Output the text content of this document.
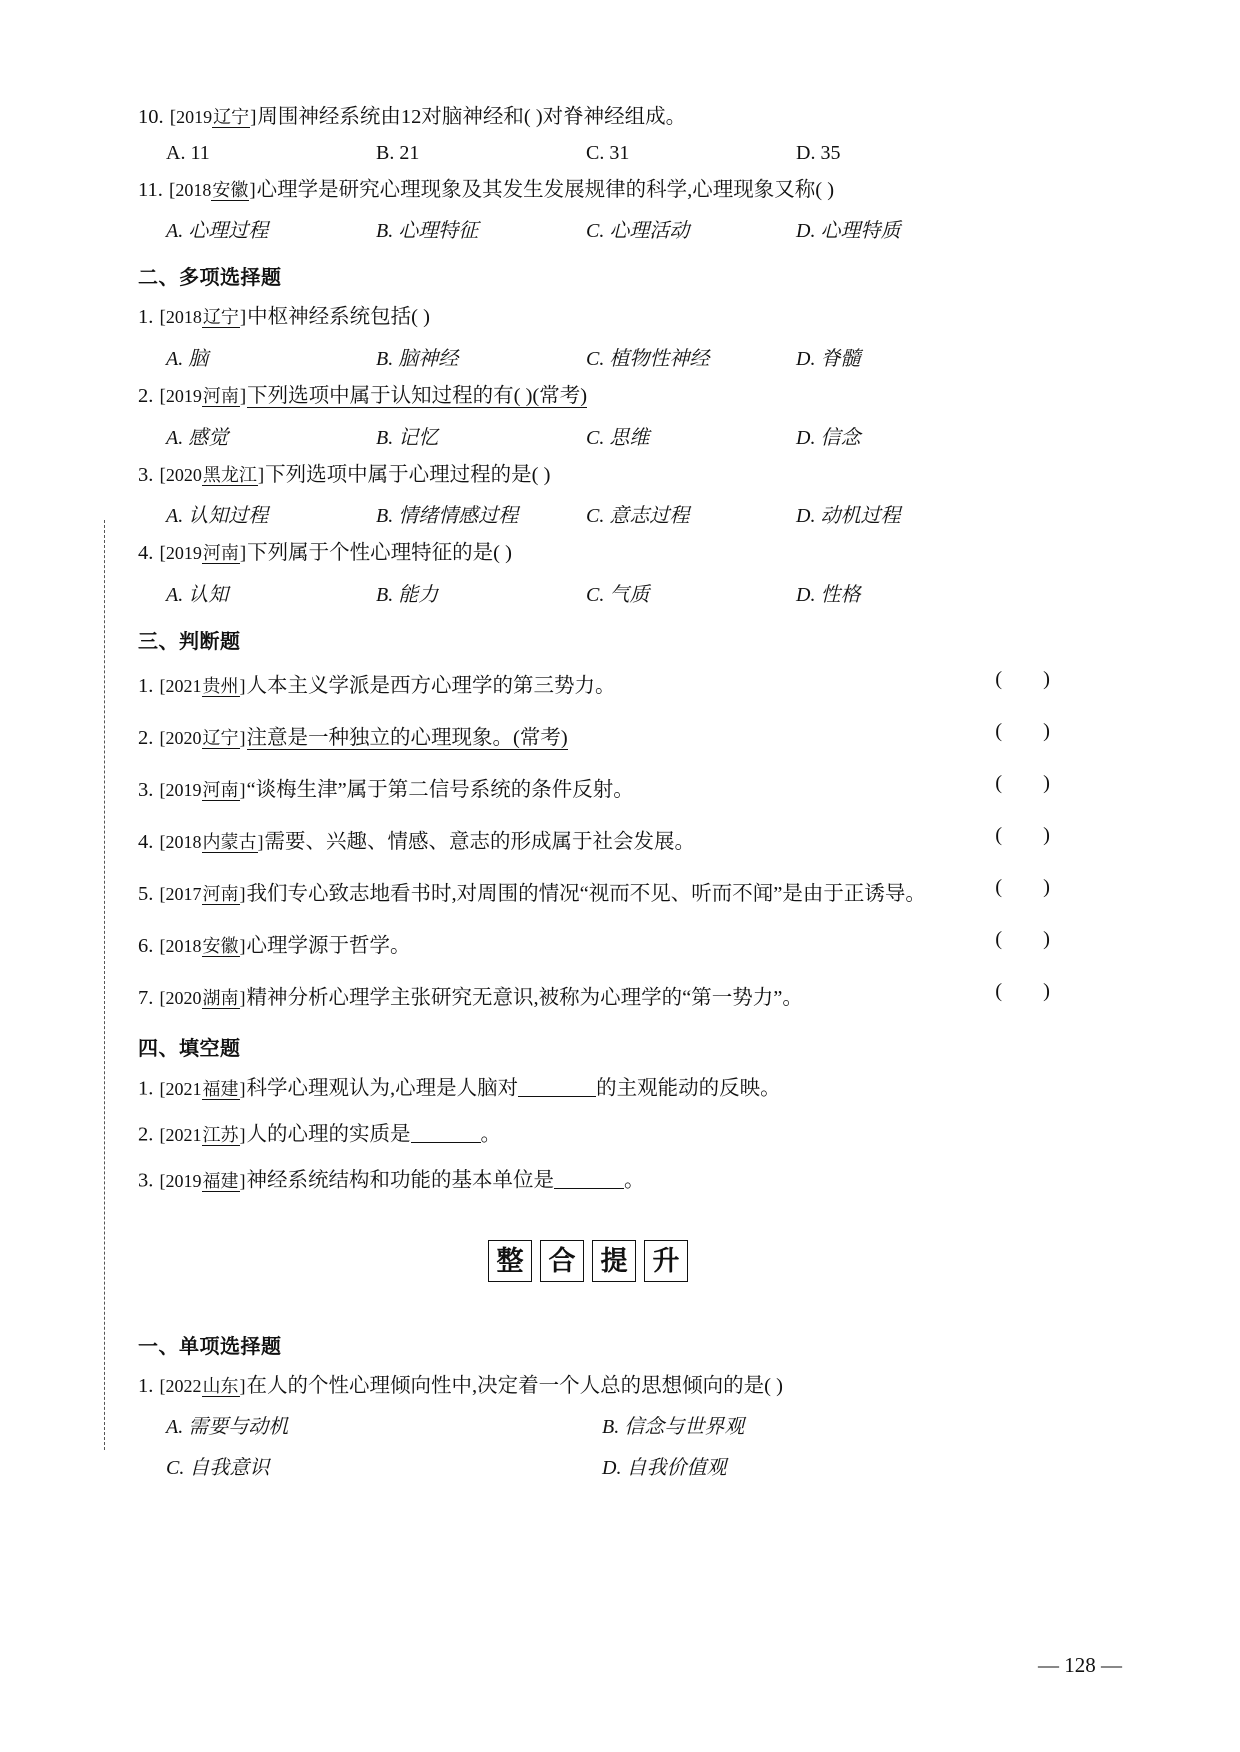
10. [2019辽宁]周围神经系统由12对脑神经和( )对脊神经组成。
A. 11	B. 21	C. 31	D. 35
11. [2018安徽]心理学是研究心理现象及其发生发展规律的科学,心理现象又称( )
A. 心理过程	B. 心理特征	C. 心理活动	D. 心理特质
二、多项选择题
1. [2018辽宁]中枢神经系统包括( )
A. 脑	B. 脑神经	C. 植物性神经	D. 脊髓
2. [2019河南]下列选项中属于认知过程的有( )(常考)
A. 感觉	B. 记忆	C. 思维	D. 信念
3. [2020黑龙江]下列选项中属于心理过程的是( )
A. 认知过程	B. 情绪情感过程	C. 意志过程	D. 动机过程
4. [2019河南]下列属于个性心理特征的是( )
A. 认知	B. 能力	C. 气质	D. 性格
三、判断题
1. [2021贵州]人本主义学派是西方心理学的第三势力。	( )
2. [2020辽宁]注意是一种独立的心理现象。(常考)	( )
3. [2019河南]“谈梅生津”属于第二信号系统的条件反射。	( )
4. [2018内蒙古]需要、兴趣、情感、意志的形成属于社会发展。	( )
5. [2017河南]我们专心致志地看书时,对周围的情况“视而不见、听而不闻”是由于正诱导。	( )
6. [2018安徽]心理学源于哲学。	( )
7. [2020湖南]精神分析心理学主张研究无意识,被称为心理学的“第一势力”。	( )
四、填空题
1. [2021福建]科学心理观认为,心理是人脑对	的主观能动的反映。
2. [2021江苏]人的心理的实质是	。
3. [2019福建]神经系统结构和功能的基本单位是	。
整 合 提 升
一、单项选择题
1. [2022山东]在人的个性心理倾向性中,决定着一个人总的思想倾向的是( )
A. 需要与动机	B. 信念与世界观
C. 自我意识	D. 自我价值观
— 128 —
